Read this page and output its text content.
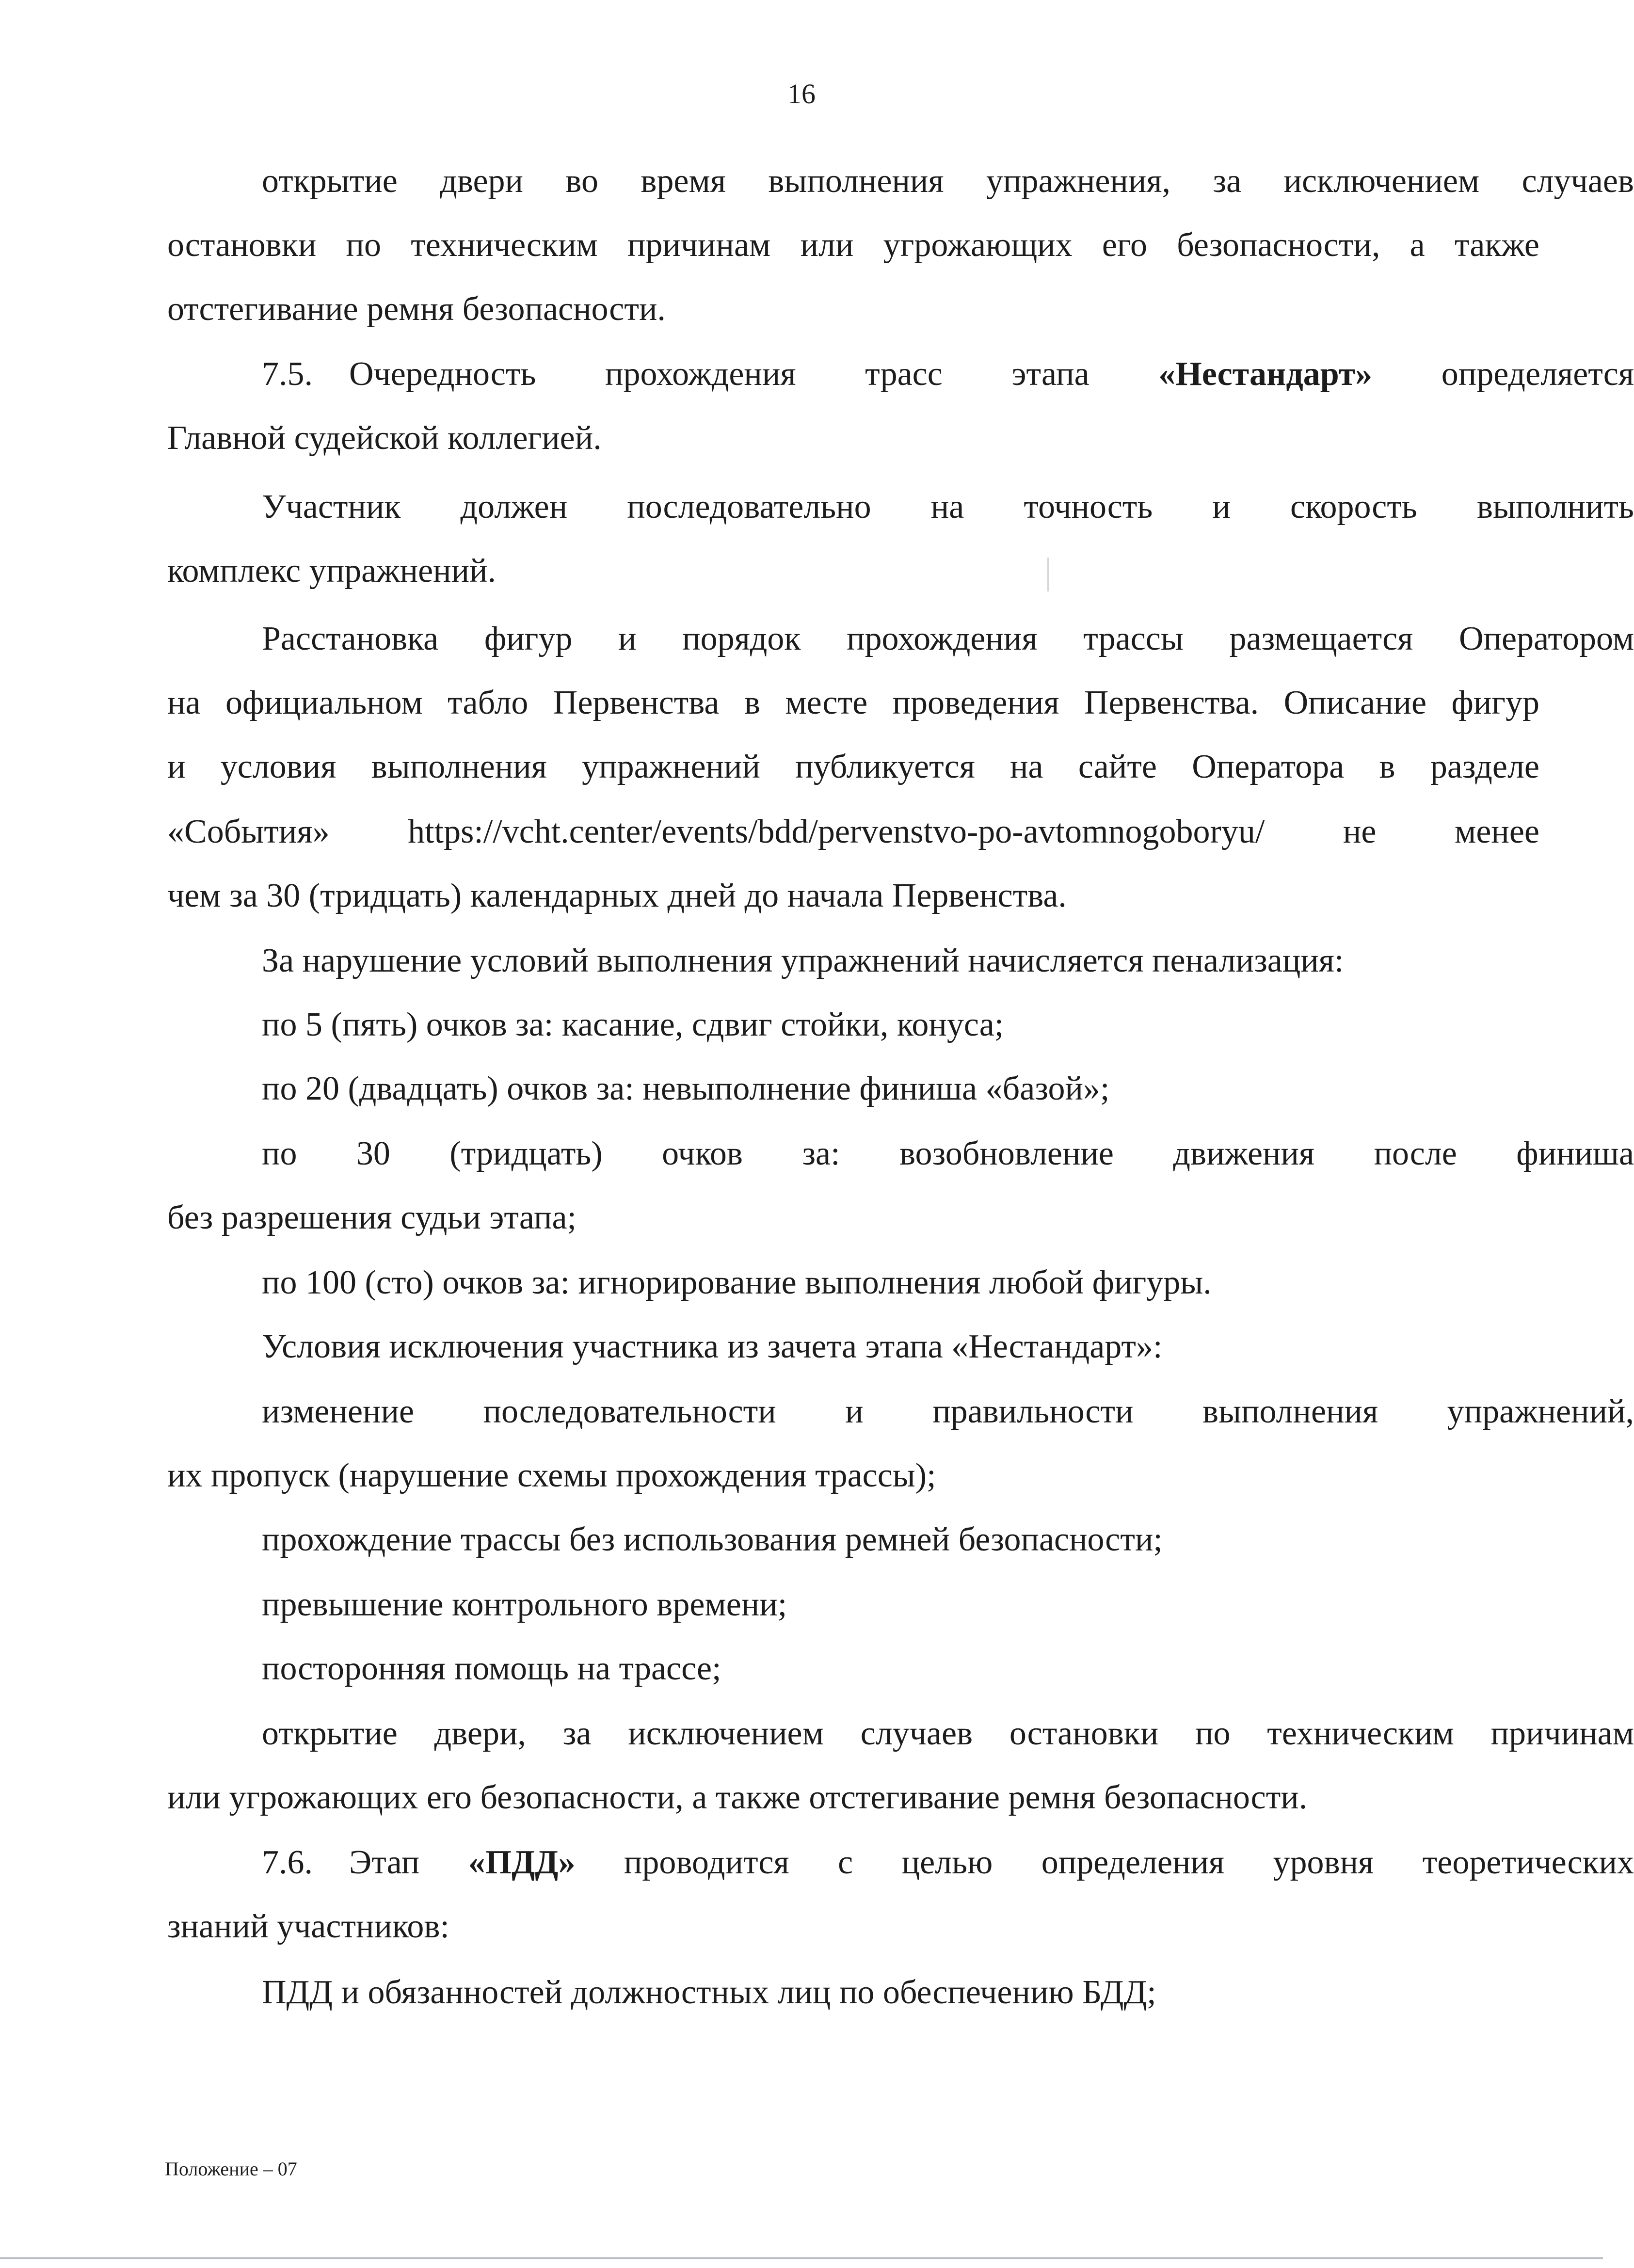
16

открытие двери во время выполнения упражнения, за исключением случаев

остановки по техническим причинам или угрожающих его безопасности, а также

отстегивание ремня безопасности.

7.5. Очередность прохождения трасс этапа «Нестандарт» определяется

Главной судейской коллегией.

Участник должен последовательно на точность и скорость выполнить

комплекс упражнений.

Расстановка фигур и порядок прохождения трассы размещается Оператором

на официальном табло Первенства в месте проведения Первенства. Описание фигур

и условия выполнения упражнений публикуется на сайте Оператора в разделе

«События» https://vcht.center/events/bdd/pervenstvo-po-avtomnogoboryu/ не менее

чем за 30 (тридцать) календарных дней до начала Первенства.

За нарушение условий выполнения упражнений начисляется пенализация:

по 5 (пять) очков за: касание, сдвиг стойки, конуса;

по 20 (двадцать) очков за: невыполнение финиша «базой»;

по 30 (тридцать) очков за: возобновление движения после финиша

без разрешения судьи этапа;

по 100 (сто) очков за: игнорирование выполнения любой фигуры.

Условия исключения участника из зачета этапа «Нестандарт»:

изменение последовательности и правильности выполнения упражнений,

их пропуск (нарушение схемы прохождения трассы);

прохождение трассы без использования ремней безопасности;

превышение контрольного времени;

посторонняя помощь на трассе;

открытие двери, за исключением случаев остановки по техническим причинам

или угрожающих его безопасности, а также отстегивание ремня безопасности.

7.6. Этап «ПДД» проводится с целью определения уровня теоретических

знаний участников:

ПДД и обязанностей должностных лиц по обеспечению БДД;

Положение – 07
